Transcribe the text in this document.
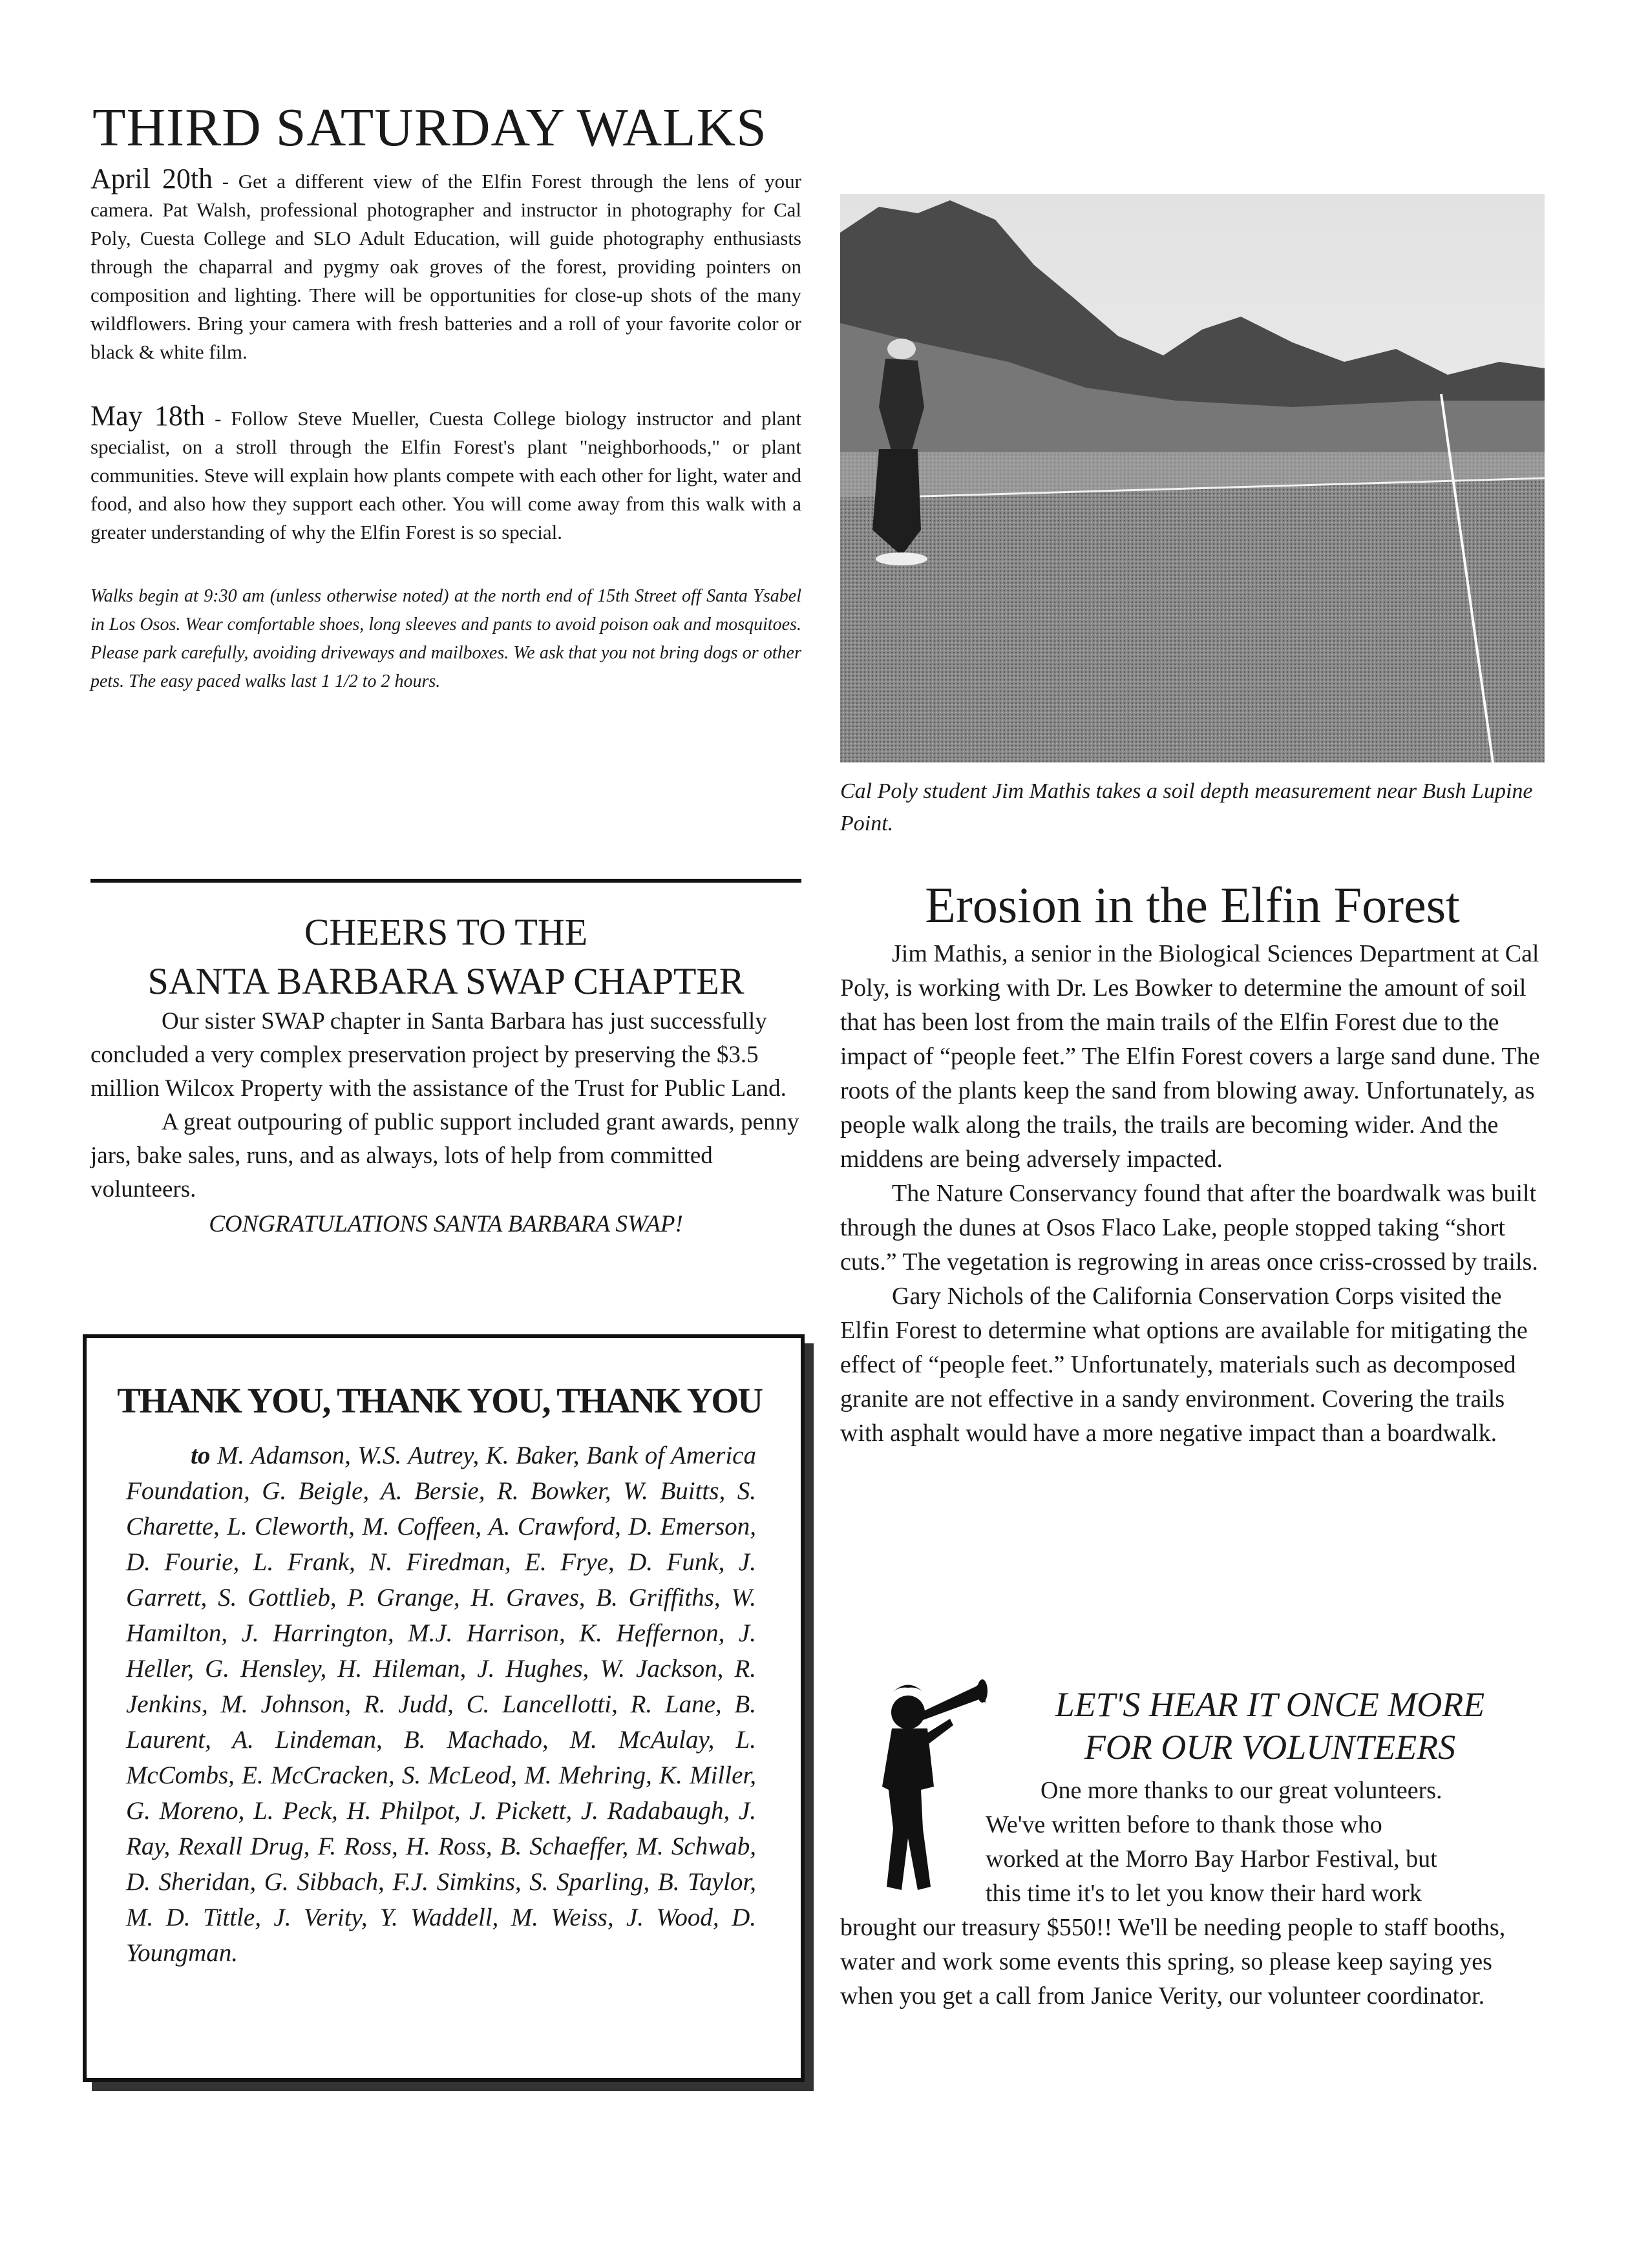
THIRD SATURDAY WALKS

April 20th - Get a different view of the Elfin Forest through the lens of your camera. Pat Walsh, professional photographer and instructor in photography for Cal Poly, Cuesta College and SLO Adult Education, will guide photography enthusiasts through the chaparral and pygmy oak groves of the forest, providing pointers on composition and lighting. There will be opportunities for close-up shots of the many wildflowers. Bring your camera with fresh batteries and a roll of your favorite color or black & white film.

May 18th - Follow Steve Mueller, Cuesta College biology instructor and plant specialist, on a stroll through the Elfin Forest's plant "neighborhoods," or plant communities. Steve will explain how plants compete with each other for light, water and food, and also how they support each other. You will come away from this walk with a greater understanding of why the Elfin Forest is so special.

Walks begin at 9:30 am (unless otherwise noted) at the north end of 15th Street off Santa Ysabel in Los Osos. Wear comfortable shoes, long sleeves and pants to avoid poison oak and mosquitoes. Please park carefully, avoiding driveways and mailboxes. We ask that you not bring dogs or other pets. The easy paced walks last 1 1/2 to 2 hours.

Cal Poly student Jim Mathis takes a soil depth measurement near Bush Lupine Point.

CHEERS TO THE
SANTA BARBARA SWAP CHAPTER

Our sister SWAP chapter in Santa Barbara has just successfully concluded a very complex preservation project by preserving the $3.5 million Wilcox Property with the assistance of the Trust for Public Land.

A great outpouring of public support included grant awards, penny jars, bake sales, runs, and as always, lots of help from committed volunteers.

CONGRATULATIONS SANTA BARBARA SWAP!

THANK YOU, THANK YOU, THANK YOU

to M. Adamson, W.S. Autrey, K. Baker, Bank of America Foundation, G. Beigle, A. Bersie, R. Bowker, W. Buitts, S. Charette, L. Cleworth, M. Coffeen, A. Crawford, D. Emerson, D. Fourie, L. Frank, N. Firedman, E. Frye, D. Funk, J. Garrett, S. Gottlieb, P. Grange, H. Graves, B. Griffiths, W. Hamilton, J. Harrington, M.J. Harrison, K. Heffernon, J. Heller, G. Hensley, H. Hileman, J. Hughes, W. Jackson, R. Jenkins, M. Johnson, R. Judd, C. Lancellotti, R. Lane, B. Laurent, A. Lindeman, B. Machado, M. McAulay, L. McCombs, E. McCracken, S. McLeod, M. Mehring, K. Miller, G. Moreno, L. Peck, H. Philpot, J. Pickett, J. Radabaugh, J. Ray, Rexall Drug, F. Ross, H. Ross, B. Schaeffer, M. Schwab, D. Sheridan, G. Sibbach, F.J. Simkins, S. Sparling, B. Taylor, M. D. Tittle, J. Verity, Y. Waddell, M. Weiss, J. Wood, D. Youngman.

Erosion in the Elfin Forest

Jim Mathis, a senior in the Biological Sciences Department at Cal Poly, is working with Dr. Les Bowker to determine the amount of soil that has been lost from the main trails of the Elfin Forest due to the impact of “people feet.” The Elfin Forest covers a large sand dune. The roots of the plants keep the sand from blowing away. Unfortunately, as people walk along the trails, the trails are becoming wider. And the middens are being adversely impacted.

The Nature Conservancy found that after the boardwalk was built through the dunes at Osos Flaco Lake, people stopped taking “short cuts.” The vegetation is regrowing in areas once criss-crossed by trails.

Gary Nichols of the California Conservation Corps visited the Elfin Forest to determine what options are available for mitigating the effect of “people feet.” Unfortunately, materials such as decomposed granite are not effective in a sandy environment. Covering the trails with asphalt would have a more negative impact than a boardwalk.

LET'S HEAR IT ONCE MORE
FOR OUR VOLUNTEERS

One more thanks to our great volunteers.

We've written before to thank those who

worked at the Morro Bay Harbor Festival, but

this time it's to let you know their hard work

brought our treasury $550!! We'll be needing people to staff booths, water and work some events this spring, so please keep saying yes when you get a call from Janice Verity, our volunteer coordinator.
